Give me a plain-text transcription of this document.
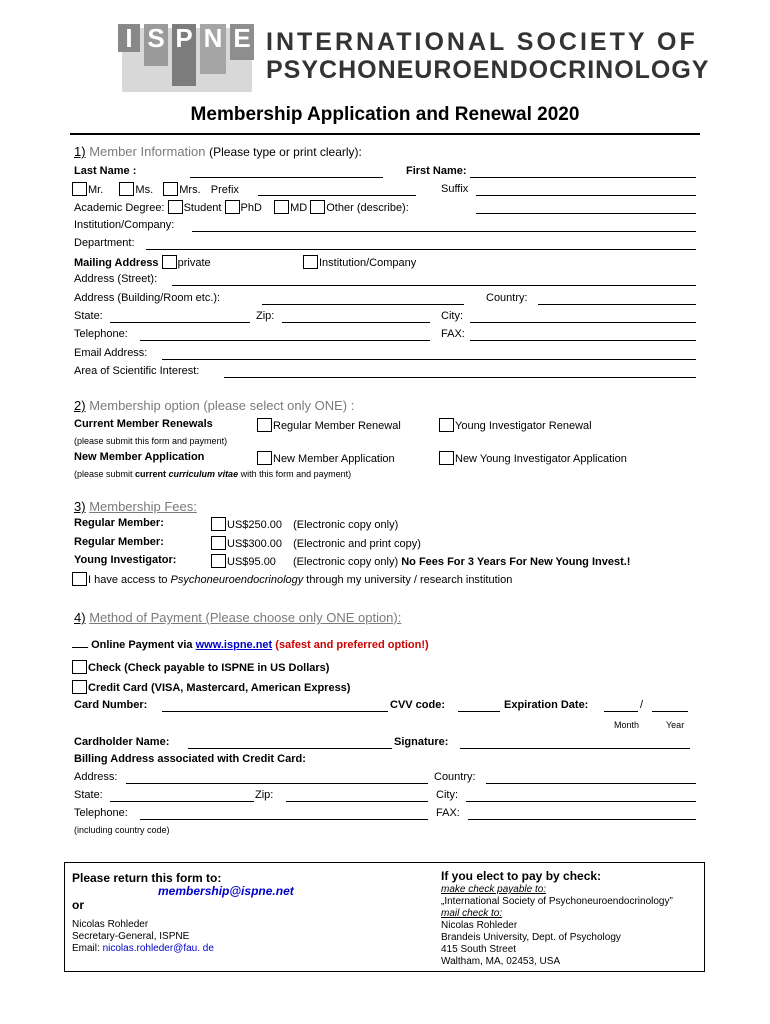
I S P N E INTERNATIONAL SOCIETY OF
PSYCHONEUROENDOCRINOLOGY
Membership Application and Renewal 2020
1) Member Information (Please type or print clearly):
Last Name :	First Name:
Mr.	Ms. Mrs. Prefix	Suffix
Academic Degree: Student PhD	MD Other (describe):
Institution/Company:
Department:
Mailing Address private	Institution/Company
Address (Street):
Address (Building/Room etc.):	Country:
State:	Zip:	City:
Telephone:	FAX:
Email Address:
Area of Scientific Interest:
2) Membership option (please select only ONE) :
Current Member Renewals	Regular Member Renewal	Young Investigator Renewal
(please submit this form and payment)
New Member Application	New Member Application	New Young Investigator Application
(please submit current curriculum vitae with this form and payment)
3) Membership Fees:
Regular Member:	US$250.00 (Electronic copy only)
Regular Member:	US$300.00 (Electronic and print copy)
Young Investigator:	US$95.00 (Electronic copy only) No Fees For 3 Years For New Young Invest.!
I have access to Psychoneuroendocrinology through my university / research institution
4) Method of Payment (Please choose only ONE option):
Online Payment via www.ispne.net (safest and preferred option!)
Check (Check payable to ISPNE in US Dollars)
Credit Card (VISA, Mastercard, American Express)
Card Number:	CVV code:	Expiration Date:	/
Month	Year
Cardholder Name:	Signature:
Billing Address associated with Credit Card:
Address:	Country:
State:	Zip:	City:
Telephone:	FAX:
(including country code)
Please return this form to:
membership@ispne.net
or
Nicolas Rohleder
Secretary-General, ISPNE
Email: nicolas.rohleder@fau. de
If you elect to pay by check:
make check payable to:
„International Society of Psychoneuroendocrinology”
mail check to:
Nicolas Rohleder
Brandeis University, Dept. of Psychology
415 South Street
Waltham, MA, 02453, USA
